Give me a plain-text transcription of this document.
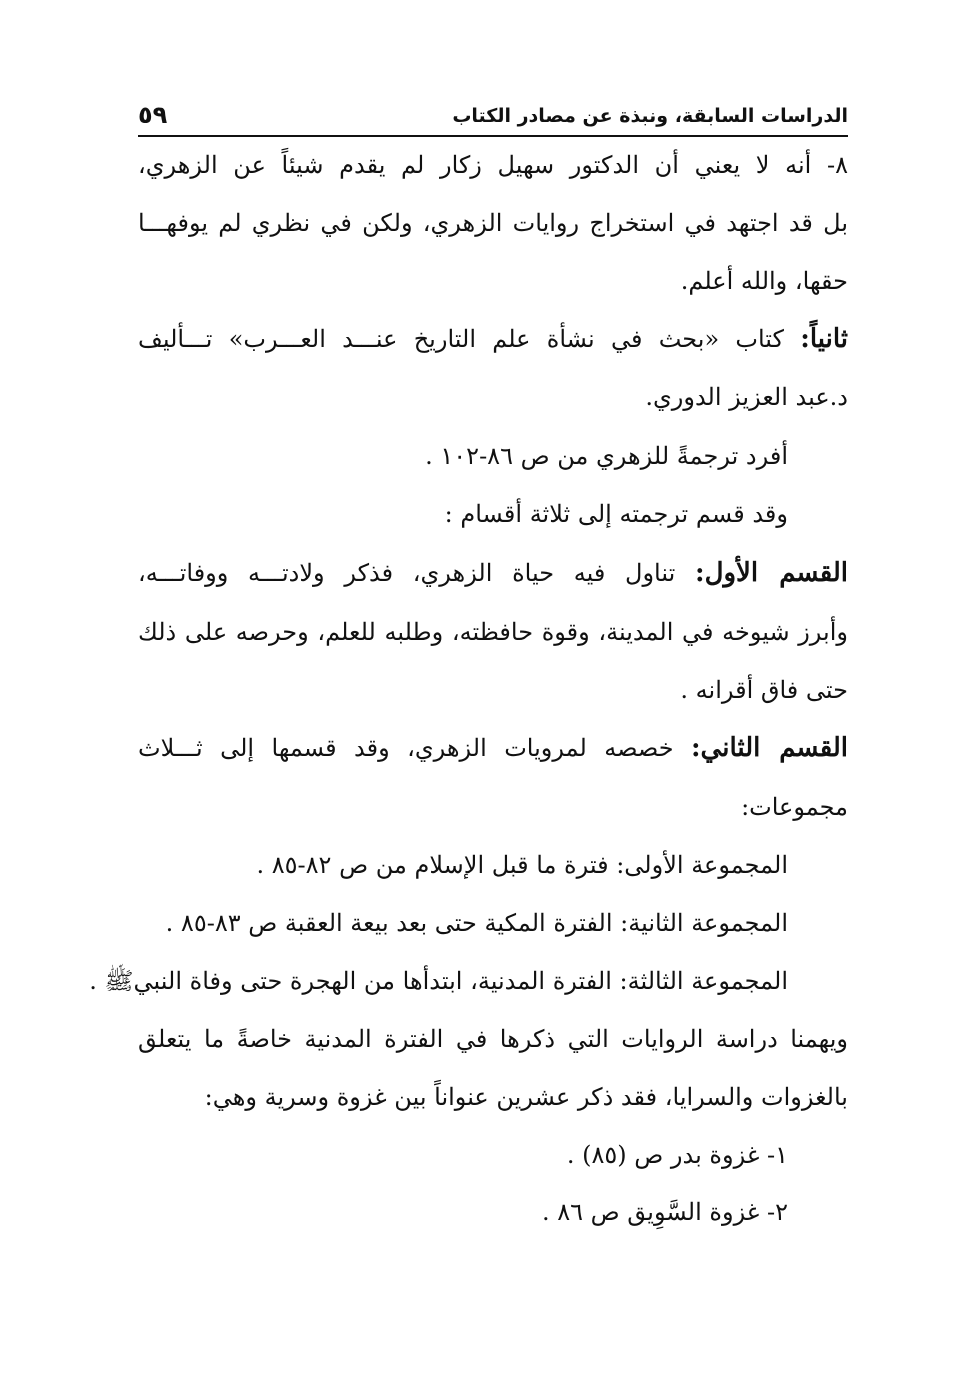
الدراسات السابقة، ونبذة عن مصادر الكتاب
٥٩
٨- أنه لا يعني أن الدكتور سهيل زكار لم يقدم شيئاً عن الزهري،
بل قد اجتهد في استخراج روايات الزهري، ولكن في نظري لم يوفهـــا
حقها، والله أعلم.
ثانياً: كتاب «بحث في نشأة علم التاريخ عنـــد العـــرب» تـــأليف
د.عبد العزيز الدوري.
أفرد ترجمةً للزهري من ص ٨٦-١٠٢ .
وقد قسم ترجمته إلى ثلاثة أقسام :
القسم الأول: تناول فيه حياة الزهري، فذكر ولادتـــه ووفاتـــه،
وأبرز شيوخه في المدينة، وقوة حافظته، وطلبه للعلم، وحرصه على ذلك
حتى فاق أقرانه .
القسم الثاني: خصصه لمرويات الزهري، وقد قسمها إلى ثـــلاث
مجموعات:
المجموعة الأولى: فترة ما قبل الإسلام من ص ٨٢-٨٥ .
المجموعة الثانية: الفترة المكية حتى بعد بيعة العقبة ص ٨٣-٨٥ .
المجموعة الثالثة: الفترة المدنية، ابتدأها من الهجرة حتى وفاة النبيﷺ .
ويهمنا دراسة الروايات التي ذكرها في الفترة المدنية خاصةً ما يتعلق
بالغزوات والسرايا، فقد ذكر عشرين عنواناً بين غزوة وسرية وهي:
١- غزوة بدر ص (٨٥) .
٢- غزوة السَّوِيق ص ٨٦ .
